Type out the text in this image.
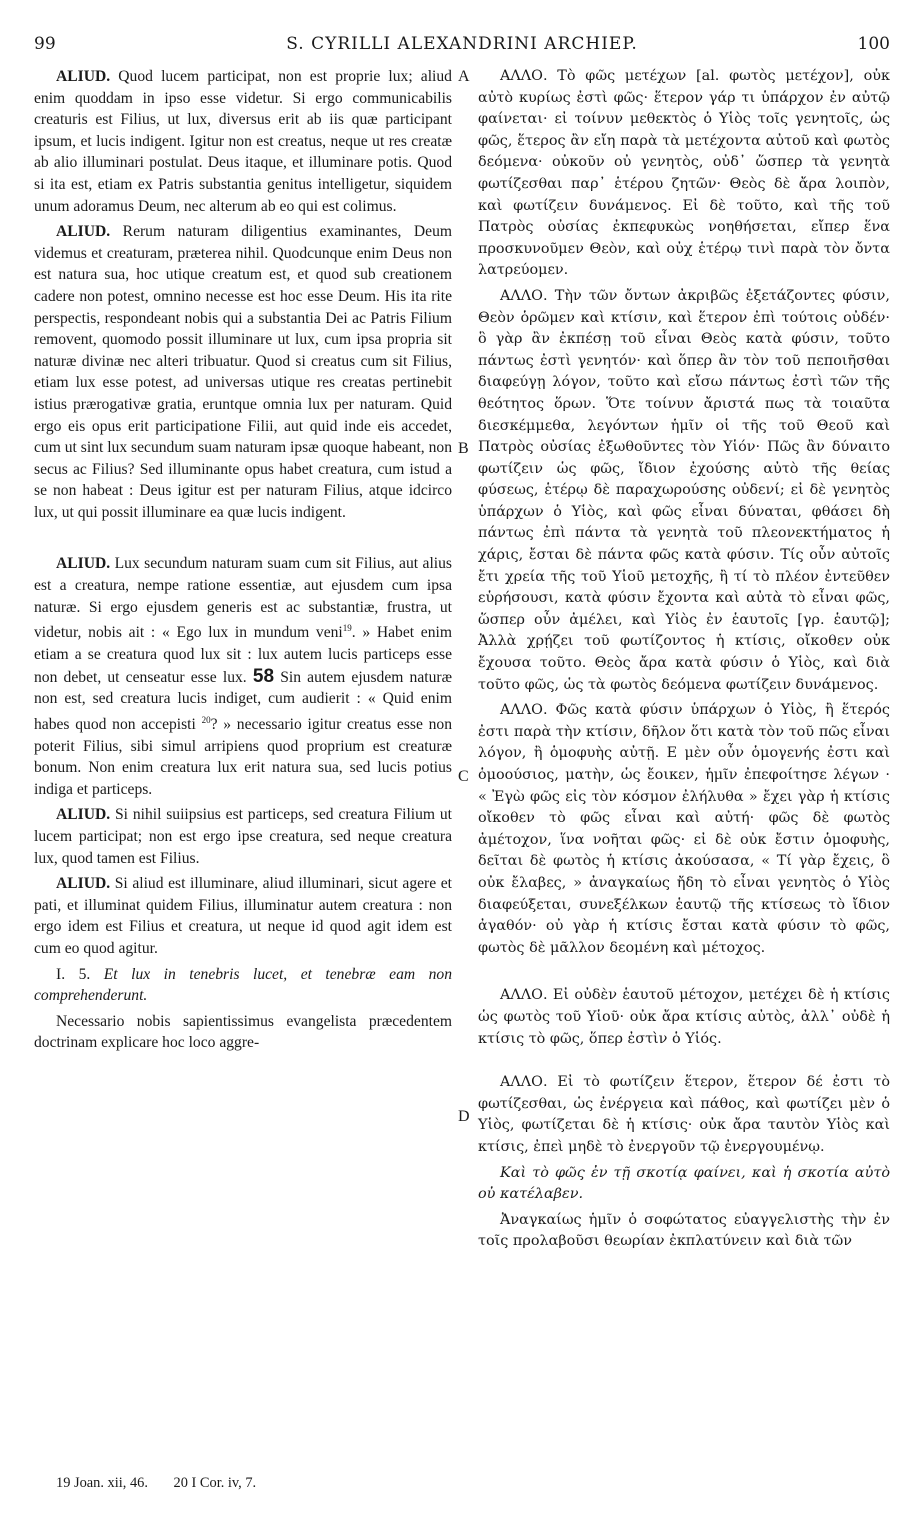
99	S. CYRILLI ALEXANDRINI ARCHIEP.	100

ALIUD. Quod lucem participat, non est proprie lux; aliud enim quoddam in ipso esse videtur. Si ergo communicabilis creaturis est Filius, ut lux, diversus erit ab iis quæ participant ipsum, et lucis indigent. Igitur non est creatus, neque ut res creatæ ab alio illuminari postulat. Deus itaque, et illuminare potis. Quod si ita est, etiam ex Patris substantia genitus intelligetur, siquidem unum adoramus Deum, nec alterum ab eo qui est colimus.

ALIUD. Rerum naturam diligentius examinantes, Deum videmus et creaturam, præterea nihil. Quodcunque enim Deus non est natura sua, hoc utique creatum est, et quod sub creationem cadere non potest, omnino necesse est hoc esse Deum. His ita rite perspectis, respondeant nobis qui a substantia Dei ac Patris Filium removent, quomodo possit illuminare ut lux, cum ipsa propria sit naturæ divinæ nec alteri tribuatur. Quod si creatus cum sit Filius, etiam lux esse potest, ad universas utique res creatas pertinebit istius prærogativæ gratia, eruntque omnia lux per naturam. Quid ergo eis opus erit participatione Filii, aut quid inde eis accedet, cum ut sint lux secundum suam naturam ipsæ quoque habeant, non secus ac Filius? Sed illuminante opus habet creatura, cum istud a se non habeat : Deus igitur est per naturam Filius, atque idcirco lux, ut qui possit illuminare ea quæ lucis indigent.

ALIUD. Lux secundum naturam suam cum sit Filius, aut alius est a creatura, nempe ratione essentiæ, aut ejusdem cum ipsa naturæ. Si ergo ejusdem generis est ac substantiæ, frustra, ut videtur, nobis ait : « Ego lux in mundum veni$^{19}$. » Habet enim etiam a se creatura quod lux sit : lux autem lucis particeps esse non debet, ut censeatur esse lux. 58 Sin autem ejusdem naturæ non est, sed creatura lucis indiget, cum audierit : « Quid enim habes quod non accepisti $^{20}$? » necessario igitur creatus esse non poterit Filius, sibi simul arripiens quod proprium est creaturæ bonum. Non enim creatura lux erit natura sua, sed lucis potius indiga et particeps.

ALIUD. Si nihil suiipsius est particeps, sed creatura Filium ut lucem participat; non est ergo ipse creatura, sed neque creatura lux, quod tamen est Filius.

ALIUD. Si aliud est illuminare, aliud illuminari, sicut agere et pati, et illuminat quidem Filius, illuminatur autem creatura : non ergo idem est Filius et creatura, ut neque id quod agit idem est cum eo quod agitur.

I. 5. Et lux in tenebris lucet, et tenebræ eam non comprehenderunt.

Necessario nobis sapientissimus evangelista præcedentem doctrinam explicare hoc loco aggre-

A
B
C
D

ΑΛΛΟ. Τὸ φῶς μετέχων [al. φωτὸς μετέχον], οὐκ αὐτὸ κυρίως ἐστὶ φῶς· ἕτερον γάρ τι ὑπάρχον ἐν αὐτῷ φαίνεται· εἰ τοίνυν μεθεκτὸς ὁ Υἱὸς τοῖς γενητοῖς, ὡς φῶς, ἕτερος ἂν εἴη παρὰ τὰ μετέχοντα αὐτοῦ καὶ φωτὸς δεόμενα· οὐκοῦν οὐ γενητὸς, οὐδ᾽ ὥσπερ τὰ γενητὰ φωτίζεσθαι παρ᾽ ἑτέρου ζητῶν· Θεὸς δὲ ἄρα λοιπὸν, καὶ φωτίζειν δυνάμενος. Εἰ δὲ τοῦτο, καὶ τῆς τοῦ Πατρὸς οὐσίας ἐκπεφυκὼς νοηθήσεται, εἴπερ ἕνα προσκυνοῦμεν Θεὸν, καὶ οὐχ ἑτέρῳ τινὶ παρὰ τὸν ὄντα λατρεύομεν.

ΑΛΛΟ. Τὴν τῶν ὄντων ἀκριβῶς ἐξετάζοντες φύσιν, Θεὸν ὁρῶμεν καὶ κτίσιν, καὶ ἕτερον ἐπὶ τούτοις οὐδέν· ὃ γὰρ ἂν ἐκπέσῃ τοῦ εἶναι Θεὸς κατὰ φύσιν, τοῦτο πάντως ἐστὶ γενητόν· καὶ ὅπερ ἂν τὸν τοῦ πεποιῆσθαι διαφεύγῃ λόγον, τοῦτο καὶ εἴσω πάντως ἐστὶ τῶν τῆς θεότητος ὅρων. Ὅτε τοίνυν ἄριστά πως τὰ τοιαῦτα διεσκέμμεθα, λεγόντων ἡμῖν οἱ τῆς τοῦ Θεοῦ καὶ Πατρὸς οὐσίας ἐξωθοῦντες τὸν Υἱόν· Πῶς ἂν δύναιτο φωτίζειν ὡς φῶς, ἴδιον ἐχούσης αὐτὸ τῆς θείας φύσεως, ἑτέρῳ δὲ παραχωρούσης οὐδενί; εἰ δὲ γενητὸς ὑπάρχων ὁ Υἱὸς, καὶ φῶς εἶναι δύναται, φθάσει δὴ πάντως ἐπὶ πάντα τὰ γενητὰ τοῦ πλεονεκτήματος ἡ χάρις, ἔσται δὲ πάντα φῶς κατὰ φύσιν. Τίς οὖν αὐτοῖς ἔτι χρεία τῆς τοῦ Υἱοῦ μετοχῆς, ἢ τί τὸ πλέον ἐντεῦθεν εὑρήσουσι, κατὰ φύσιν ἔχοντα καὶ αὐτὰ τὸ εἶναι φῶς, ὥσπερ οὖν ἀμέλει, καὶ Υἱὸς ἐν ἑαυτοῖς [γρ. ἑαυτῷ]; Ἀλλὰ χρῄζει τοῦ φωτίζοντος ἡ κτίσις, οἴκοθεν οὐκ ἔχουσα τοῦτο. Θεὸς ἄρα κατὰ φύσιν ὁ Υἱὸς, καὶ διὰ τοῦτο φῶς, ὡς τὰ φωτὸς δεόμενα φωτίζειν δυνάμενος.

ΑΛΛΟ. Φῶς κατὰ φύσιν ὑπάρχων ὁ Υἱὸς, ἢ ἕτερός ἐστι παρὰ τὴν κτίσιν, δῆλον ὅτι κατὰ τὸν τοῦ πῶς εἶναι λόγον, ἢ ὁμοφυὴς αὐτῇ. Ε μὲν οὖν ὁμογενής ἐστι καὶ ὁμοούσιος, ματὴν, ὡς ἔοικεν, ἡμῖν ἐπεφοίτησε λέγων · « Ἐγὼ φῶς εἰς τὸν κόσμον ἐλήλυθα » ἔχει γὰρ ἡ κτίσις οἴκοθεν τὸ φῶς εἶναι καὶ αὐτή· φῶς δὲ φωτὸς ἀμέτοχον, ἵνα νοῆται φῶς· εἰ δὲ οὐκ ἔστιν ὁμοφυὴς, δεῖται δὲ φωτὸς ἡ κτίσις ἀκούσασα, « Τί γὰρ ἔχεις, ὃ οὐκ ἔλαβες, » ἀναγκαίως ἤδη τὸ εἶναι γενητὸς ὁ Υἱὸς διαφεύξεται, συνεξέλκων ἑαυτῷ τῆς κτίσεως τὸ ἴδιον ἀγαθόν· οὐ γὰρ ἡ κτίσις ἔσται κατὰ φύσιν τὸ φῶς, φωτὸς δὲ μᾶλλον δεομένη καὶ μέτοχος.

ΑΛΛΟ. Εἰ οὐδὲν ἑαυτοῦ μέτοχον, μετέχει δὲ ἡ κτίσις ὡς φωτὸς τοῦ Υἱοῦ· οὐκ ἄρα κτίσις αὐτὸς, ἀλλ᾽ οὐδὲ ἡ κτίσις τὸ φῶς, ὅπερ ἐστὶν ὁ Υἱός.

ΑΛΛΟ. Εἰ τὸ φωτίζειν ἕτερον, ἕτερον δέ ἐστι τὸ φωτίζεσθαι, ὡς ἐνέργεια καὶ πάθος, καὶ φωτίζει μὲν ὁ Υἱὸς, φωτίζεται δὲ ἡ κτίσις· οὐκ ἄρα ταυτὸν Υἱὸς καὶ κτίσις, ἐπεὶ μηδὲ τὸ ἐνεργοῦν τῷ ἐνεργουμένῳ.

Καὶ τὸ φῶς ἐν τῇ σκοτίᾳ φαίνει, καὶ ἡ σκοτία αὐτὸ οὐ κατέλαβεν.

Ἀναγκαίως ἡμῖν ὁ σοφώτατος εὐαγγελιστὴς τὴν ἐν τοῖς προλαβοῦσι θεωρίαν ἐκπλατύνειν καὶ διὰ τῶν

19 Joan. xii, 46. 20 I Cor. iv, 7.
